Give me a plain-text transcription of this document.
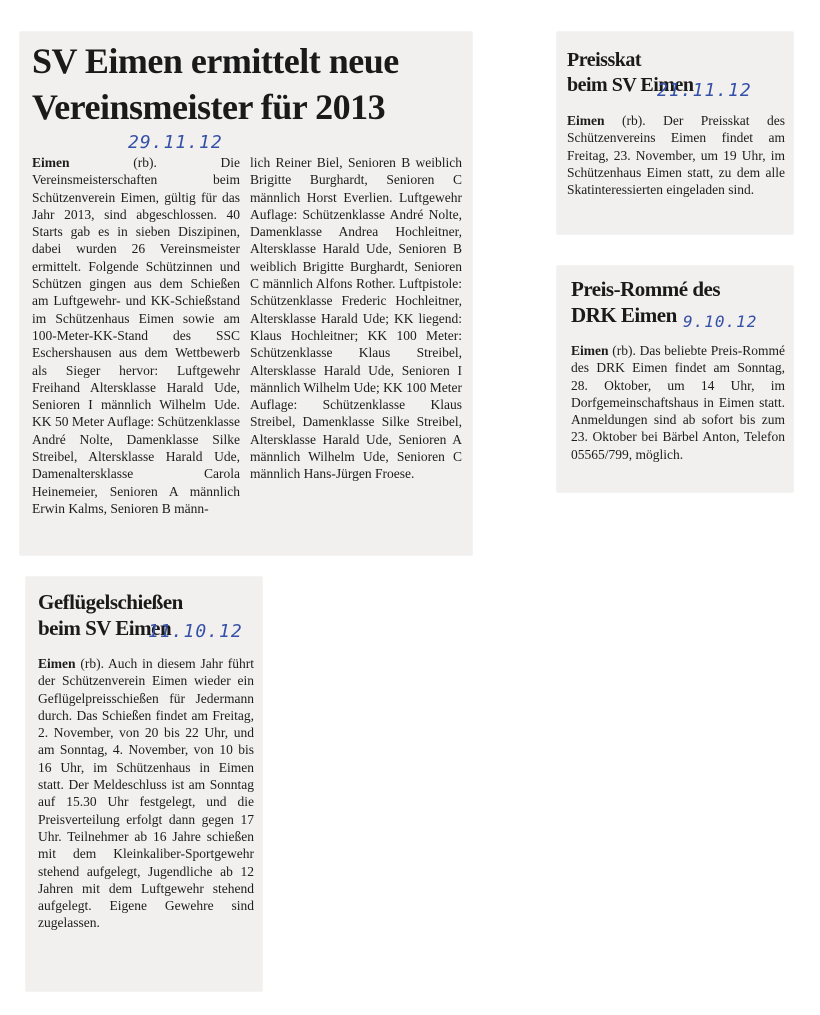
SV Eimen ermittelt neue Vereinsmeister für 2013
29.11.12

Eimen	(rb). Die Vereinsmeisterschaften beim Schützenverein Eimen, gültig für das Jahr 2013, sind abgeschlossen. 40 Starts gab es in sieben Diszipinen, dabei wurden 26 Vereinsmeister ermittelt. Folgende Schützinnen und Schützen gingen aus dem Schießen am Luftgewehr- und KK-Schießstand im Schützenhaus Eimen sowie am 100-Meter-KK-Stand des SSC Eschershausen aus dem Wettbewerb als Sieger hervor: Luftgewehr Freihand Altersklasse Harald Ude, Senioren I männlich Wilhelm Ude. KK 50 Meter Auflage: Schützenklasse André Nolte, Damenklasse Silke Streibel, Altersklasse Harald Ude, Damenaltersklasse Carola Heinemeier, Senioren A männlich Erwin Kalms, Senioren B männ-

lich Reiner Biel, Senioren B weiblich Brigitte Burghardt, Senioren C männlich Horst Everlien. Luftgewehr Auflage: Schützenklasse André Nolte, Damenklasse Andrea Hochleitner, Altersklasse Harald Ude, Senioren B weiblich Brigitte Burghardt, Senioren C männlich Alfons Rother. Luftpistole: Schützenklasse Frederic Hochleitner, Altersklasse Harald Ude; KK liegend: Klaus Hochleitner; KK 100 Meter: Schützenklasse Klaus Streibel, Altersklasse Harald Ude, Senioren I männlich Wilhelm Ude; KK 100 Meter Auflage: Schützenklasse Klaus Streibel, Damenklasse Silke Streibel, Altersklasse Harald Ude, Senioren A männlich Wilhelm Ude, Senioren C männlich Hans-Jürgen Froese.

Preisskat
beim SV Eimen
21.11.12

Eimen (rb). Der Preisskat des Schützenvereins Eimen findet am Freitag, 23. November, um 19 Uhr, im Schützenhaus Eimen statt, zu dem alle Skatinteressierten eingeladen sind.

Preis-Rommé des
DRK Eimen 9.10.12

Eimen (rb). Das beliebte Preis-Rommé des DRK Eimen findet am Sonntag, 28. Oktober, um 14 Uhr, im Dorfgemeinschaftshaus in Eimen statt. Anmeldungen sind ab sofort bis zum 23. Oktober bei Bärbel Anton, Telefon 05565/799, möglich.

Geflügelschießen
beim SV Eimen
11.10.12

Eimen (rb). Auch in diesem Jahr führt der Schützenverein Eimen wieder ein Geflügelpreisschießen für Jedermann durch. Das Schießen findet am Freitag, 2. November, von 20 bis 22 Uhr, und am Sonntag, 4. November, von 10 bis 16 Uhr, im Schützenhaus in Eimen statt. Der Meldeschluss ist am Sonntag auf 15.30 Uhr festgelegt, und die Preisverteilung erfolgt dann gegen 17 Uhr. Teilnehmer ab 16 Jahre schießen mit dem Kleinkaliber-Sportgewehr stehend aufgelegt, Jugendliche ab 12 Jahren mit dem Luftgewehr stehend aufgelegt. Eigene Gewehre sind zugelassen.
